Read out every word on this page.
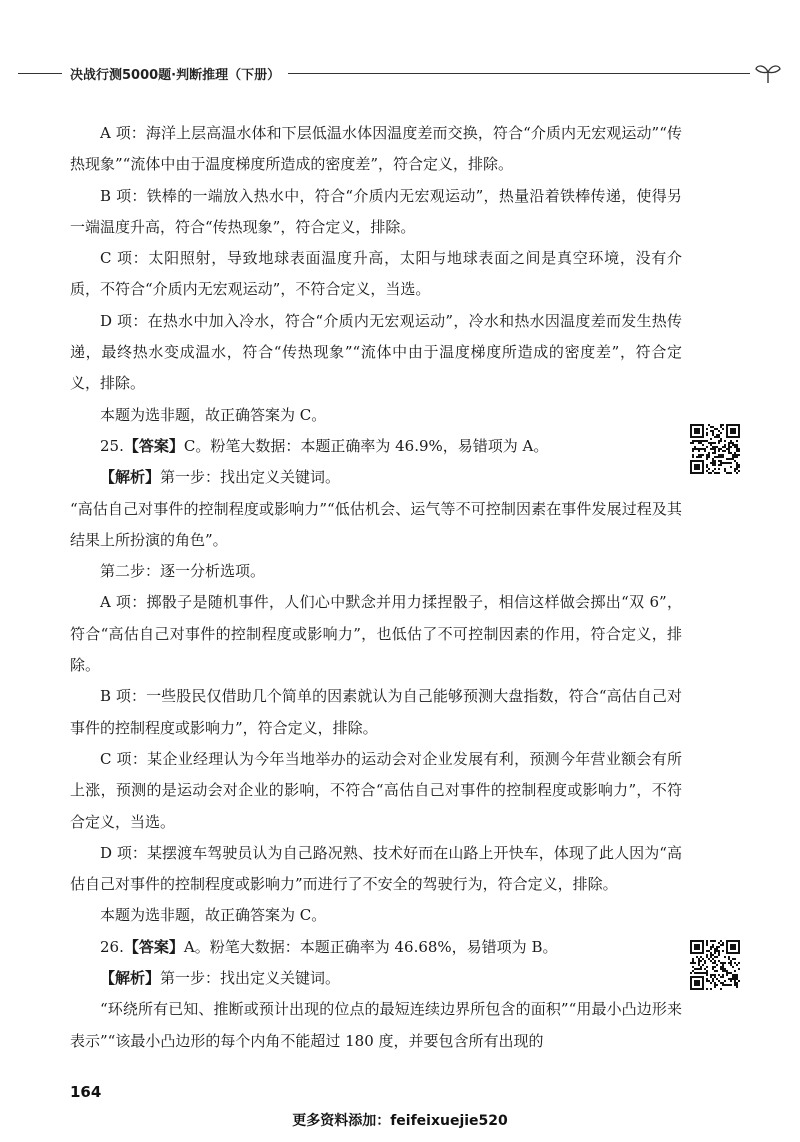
决战行测5000题·判断推理（下册）

A 项：海洋上层高温水体和下层低温水体因温度差而交换，符合“介质内无宏观运动”“传热现象”“流体中由于温度梯度所造成的密度差”，符合定义，排除。

B 项：铁棒的一端放入热水中，符合“介质内无宏观运动”，热量沿着铁棒传递，使得另一端温度升高，符合“传热现象”，符合定义，排除。

C 项：太阳照射，导致地球表面温度升高，太阳与地球表面之间是真空环境，没有介质，不符合“介质内无宏观运动”，不符合定义，当选。

D 项：在热水中加入冷水，符合“介质内无宏观运动”，冷水和热水因温度差而发生热传递，最终热水变成温水，符合“传热现象”“流体中由于温度梯度所造成的密度差”，符合定义，排除。

本题为选非题，故正确答案为 C。

25.【答案】C。粉笔大数据：本题正确率为 46.9%，易错项为 A。

【解析】第一步：找出定义关键词。

“高估自己对事件的控制程度或影响力”“低估机会、运气等不可控制因素在事件发展过程及其结果上所扮演的角色”。

第二步：逐一分析选项。

A 项：掷骰子是随机事件，人们心中默念并用力揉捏骰子，相信这样做会掷出“双 6”，符合“高估自己对事件的控制程度或影响力”，也低估了不可控制因素的作用，符合定义，排除。

B 项：一些股民仅借助几个简单的因素就认为自己能够预测大盘指数，符合“高估自己对事件的控制程度或影响力”，符合定义，排除。

C 项：某企业经理认为今年当地举办的运动会对企业发展有利，预测今年营业额会有所上涨，预测的是运动会对企业的影响，不符合“高估自己对事件的控制程度或影响力”，不符合定义，当选。

D 项：某摆渡车驾驶员认为自己路况熟、技术好而在山路上开快车，体现了此人因为“高估自己对事件的控制程度或影响力”而进行了不安全的驾驶行为，符合定义，排除。

本题为选非题，故正确答案为 C。

26.【答案】A。粉笔大数据：本题正确率为 46.68%，易错项为 B。

【解析】第一步：找出定义关键词。

“环绕所有已知、推断或预计出现的位点的最短连续边界所包含的面积”“用最小凸边形来表示”“该最小凸边形的每个内角不能超过 180 度，并要包含所有出现的

164
更多资料添加：feifeixuejie520
